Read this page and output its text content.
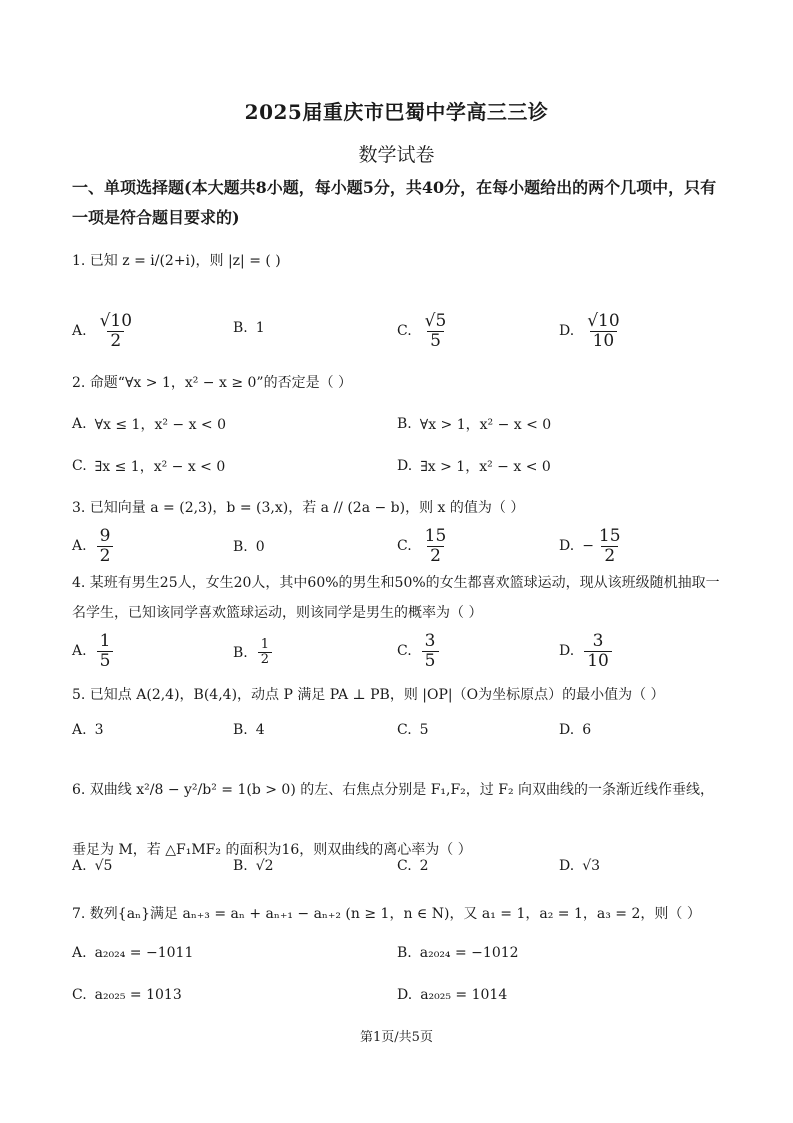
2025届重庆市巴蜀中学高三三诊
数学试卷
一、单项选择题(本大题共8小题，每小题5分，共40分，在每小题给出的两个几项中，只有一项是符合题目要求的)
1. 已知 z = i/(2+i)，则 |z| = ( )
A. $\frac{√10}{2}$	B. 1	C. $\frac{√5}{5}$	D. $\frac{√10}{10}$
2. 命题“∀x > 1，x² − x ≥ 0”的否定是（ ）
A. ∀x ≤ 1，x² − x < 0	B. ∀x > 1，x² − x < 0
C. ∃x ≤ 1，x² − x < 0	D. ∃x > 1，x² − x < 0
3. 已知向量 a = (2,3)，b = (3,x)，若 a // (2a − b)，则 x 的值为（ ）
A. $\frac{9}{2}$	B. 0	C. $\frac{15}{2}$	D. − $\frac{15}{2}$
4. 某班有男生25人，女生20人，其中60%的男生和50%的女生都喜欢篮球运动，现从该班级随机抽取一名学生，已知该同学喜欢篮球运动，则该同学是男生的概率为（ ）
A. $\frac{1}{5}$	B. $\frac{1}{2}$	C. $\frac{3}{5}$	D. $\frac{3}{10}$
5. 已知点 A(2,4)，B(4,4)，动点 P 满足 PA ⊥ PB，则 |OP|（O为坐标原点）的最小值为（ ）
A. 3	B. 4	C. 5	D. 6
6. 双曲线 x²/8 − y²/b² = 1(b > 0) 的左、右焦点分别是 F₁,F₂，过 F₂ 向双曲线的一条渐近线作垂线，垂足为 M，若 △F₁MF₂ 的面积为16，则双曲线的离心率为（ ）
A. √5	B. √2	C. 2	D. √3
7. 数列{aₙ}满足 aₙ₊₃ = aₙ + aₙ₊₁ − aₙ₊₂ (n ≥ 1，n ∈ N)，又 a₁ = 1，a₂ = 1，a₃ = 2，则（ ）
A. a₂₀₂₄ = −1011	B. a₂₀₂₄ = −1012
C. a₂₀₂₅ = 1013	D. a₂₀₂₅ = 1014
第1页/共5页
